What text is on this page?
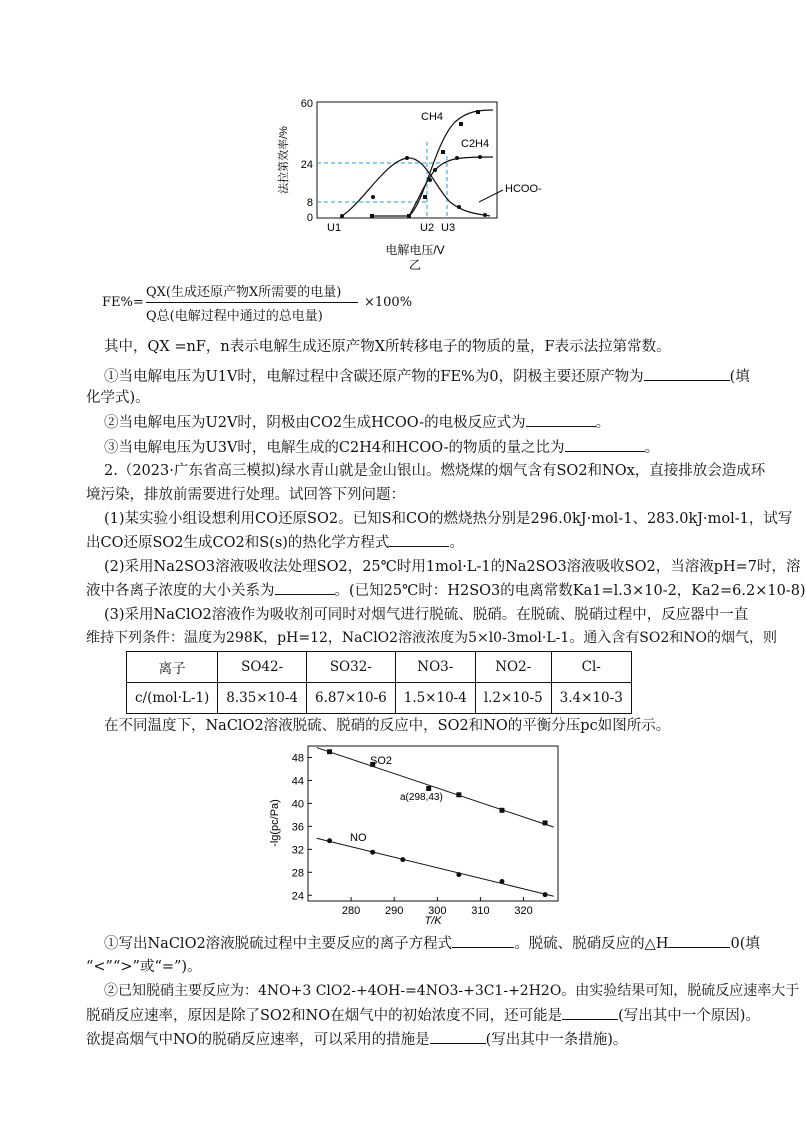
法拉第效率/%
60
24
8
0
CH4
C2H4
HCOO-
U1	U2 U3
电解电压/V
乙
FE%=
QX(生成还原产物X所需要的电量)
Q总(电解过程中通过的总电量)
×100%
其中，QX =nF，n表示电解生成还原产物X所转移电子的物质的量，F表示法拉第常数。
①当电解电压为U1V时，电解过程中含碳还原产物的FE%为0，阴极主要还原产物为	(填
化学式)。
②当电解电压为U2V时，阴极由CO2生成HCOO-的电极反应式为	。
③当电解电压为U3V时，电解生成的C2H4和HCOO-的物质的量之比为	。
2.（2023·广东省高三模拟)绿水青山就是金山银山。燃烧煤的烟气含有SO2和NOx，直接排放会造成环
境污染，排放前需要进行处理。试回答下列问题：
(1)某实验小组设想利用CO还原SO2。已知S和CO的燃烧热分别是296.0kJ·mol-1、283.0kJ·mol-1，试写
出CO还原SO2生成CO2和S(s)的热化学方程式	。
(2)采用Na2SO3溶液吸收法处理SO2，25℃时用1mol·L-1的Na2SO3溶液吸收SO2，当溶液pH=7时，溶
液中各离子浓度的大小关系为	。(已知25℃时：H2SO3的电离常数Ka1=l.3×10-2，Ka2=6.2×10-8)
(3)采用NaClO2溶液作为吸收剂可同时对烟气进行脱硫、脱硝。在脱硫、脱硝过程中，反应器中一直
维持下列条件：温度为298K，pH=12，NaClO2溶液浓度为5×l0-3mol·L-1。通入含有SO2和NO的烟气，则
离子	SO42-	SO32-	NO3-	NO2-	Cl-
c/(mol·L-1)	8.35×10-4	6.87×10-6	1.5×10-4	l.2×10-5	3.4×10-3
在不同温度下，NaClO2溶液脱硫、脱硝的反应中，SO2和NO的平衡分压pc如图所示。
24
28
32
36
40
44
48
280 290 300 310 320
-lg(pc/Pa)
T/K
SO2
NO
a(298,43)
①写出NaClO2溶液脱硫过程中主要反应的离子方程式	。脱硫、脱硝反应的△H	0(填
“<”“>”或“=”)。
②已知脱硝主要反应为：4NO+3 ClO2-+4OH-=4NO3-+3C1-+2H2O。由实验结果可知，脱硫反应速率大于
脱硝反应速率，原因是除了SO2和NO在烟气中的初始浓度不同，还可能是	(写出其中一个原因)。
欲提高烟气中NO的脱硝反应速率，可以采用的措施是	(写出其中一条措施)。
